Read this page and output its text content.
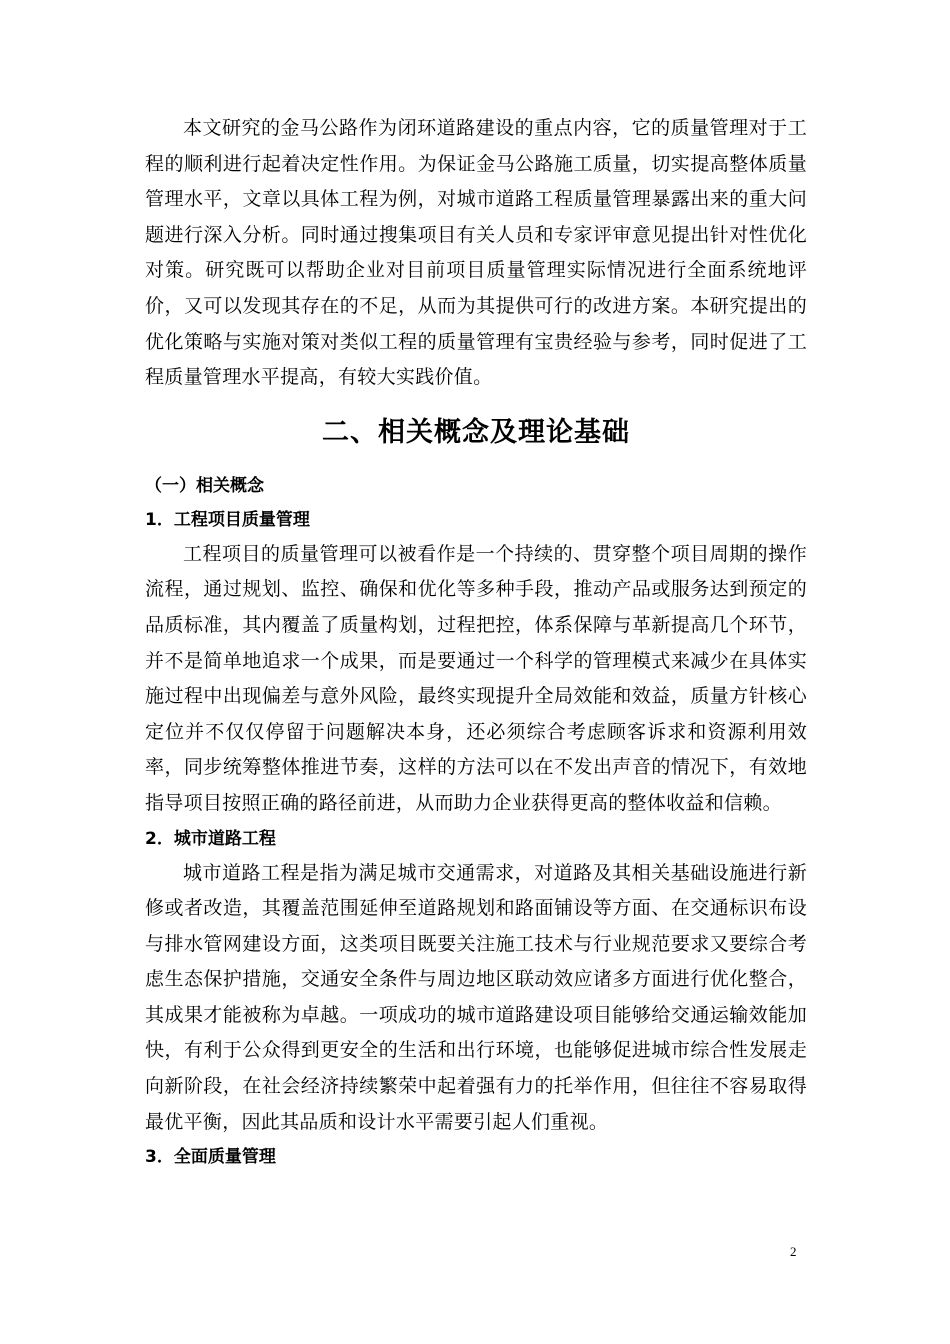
本文研究的金马公路作为闭环道路建设的重点内容，它的质量管理对于工程的顺利进行起着决定性作用。为保证金马公路施工质量，切实提高整体质量管理水平，文章以具体工程为例，对城市道路工程质量管理暴露出来的重大问题进行深入分析。同时通过搜集项目有关人员和专家评审意见提出针对性优化对策。研究既可以帮助企业对目前项目质量管理实际情况进行全面系统地评价，又可以发现其存在的不足，从而为其提供可行的改进方案。本研究提出的优化策略与实施对策对类似工程的质量管理有宝贵经验与参考，同时促进了工程质量管理水平提高，有较大实践价值。

二、相关概念及理论基础
（一）相关概念
1．工程项目质量管理

工程项目的质量管理可以被看作是一个持续的、贯穿整个项目周期的操作流程，通过规划、监控、确保和优化等多种手段，推动产品或服务达到预定的品质标准，其内覆盖了质量构划，过程把控，体系保障与革新提高几个环节，并不是简单地追求一个成果，而是要通过一个科学的管理模式来减少在具体实施过程中出现偏差与意外风险，最终实现提升全局效能和效益，质量方针核心定位并不仅仅停留于问题解决本身，还必须综合考虑顾客诉求和资源利用效率，同步统筹整体推进节奏，这样的方法可以在不发出声音的情况下，有效地指导项目按照正确的路径前进，从而助力企业获得更高的整体收益和信赖。

2．城市道路工程

城市道路工程是指为满足城市交通需求，对道路及其相关基础设施进行新修或者改造，其覆盖范围延伸至道路规划和路面铺设等方面、在交通标识布设与排水管网建设方面，这类项目既要关注施工技术与行业规范要求又要综合考虑生态保护措施，交通安全条件与周边地区联动效应诸多方面进行优化整合，其成果才能被称为卓越。一项成功的城市道路建设项目能够给交通运输效能加快，有利于公众得到更安全的生活和出行环境，也能够促进城市综合性发展走向新阶段，在社会经济持续繁荣中起着强有力的托举作用，但往往不容易取得最优平衡，因此其品质和设计水平需要引起人们重视。

3．全面质量管理
2
